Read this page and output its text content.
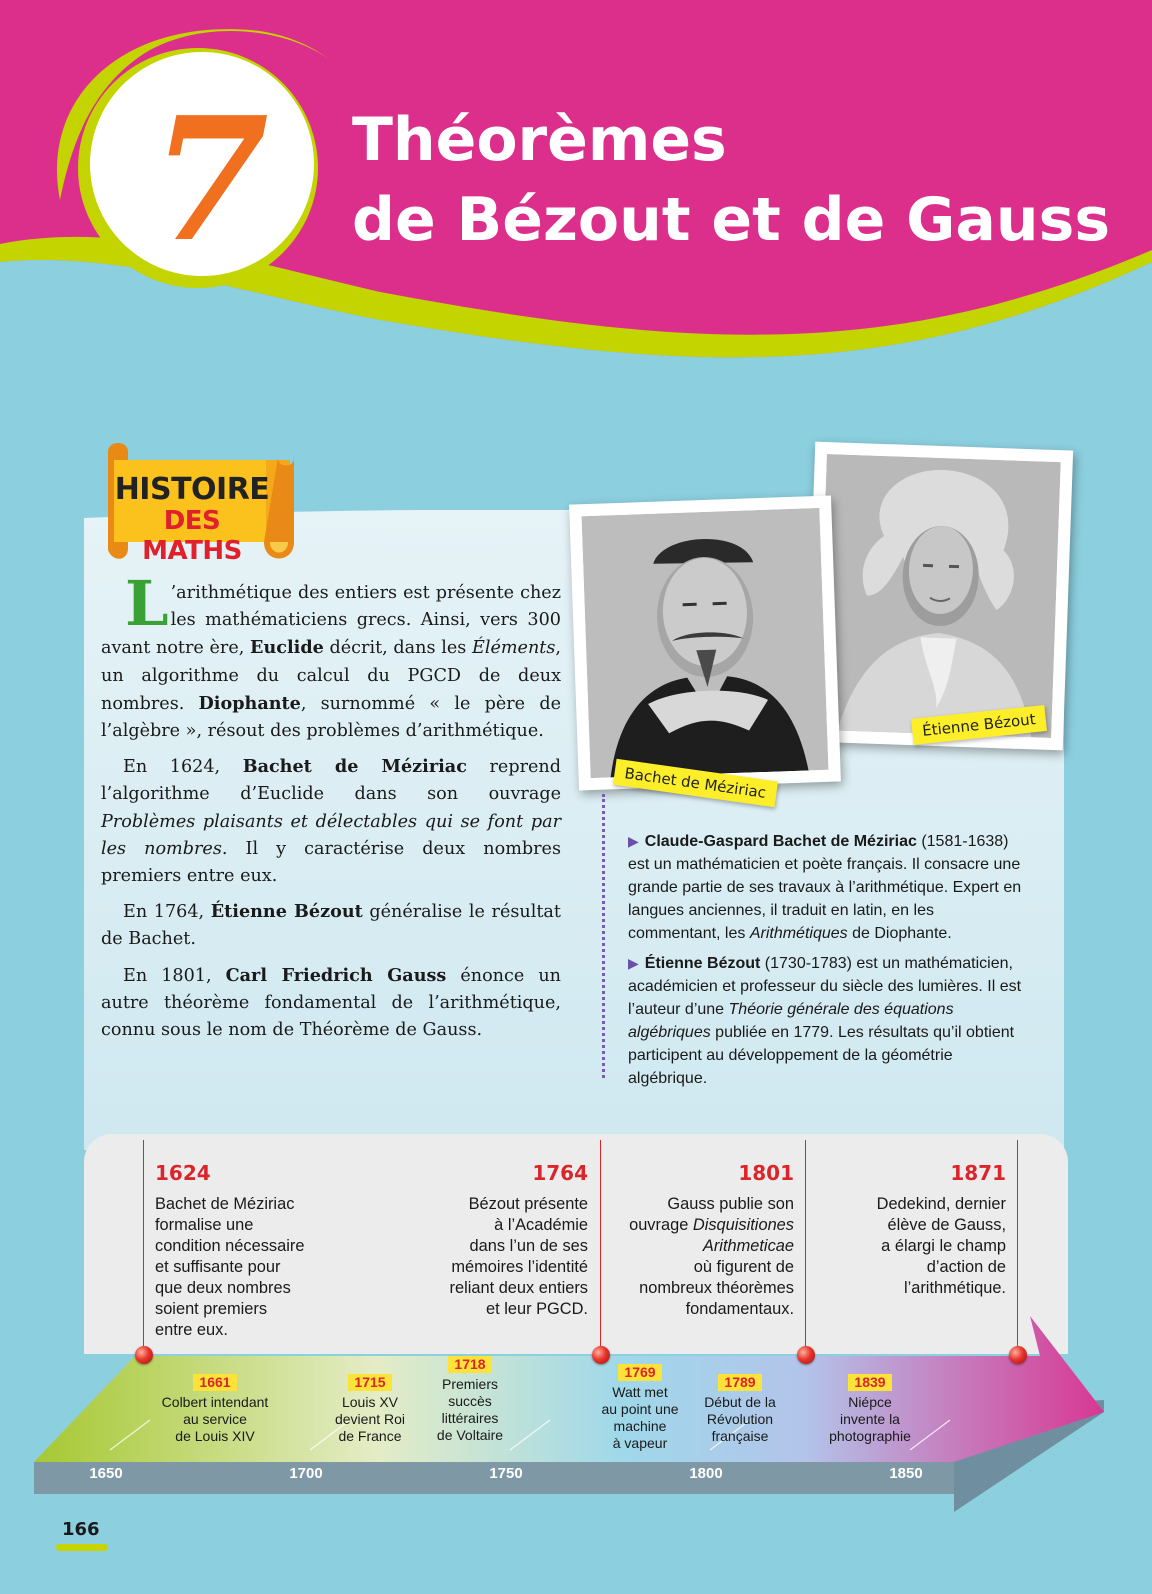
7 Théorèmes
de Bézout et de Gauss
HISTOIRE
DES MATHS

L ’arithmétique des entiers est présente chez les mathématiciens grecs. Ainsi, vers 300 avant notre ère, Euclide décrit, dans les Éléments, un algorithme du calcul du PGCD de deux nombres. Diophante, surnommé « le père de l’algèbre », résout des problèmes d’arithmétique.

En 1624, Bachet de Méziriac reprend l’algorithme d’Euclide dans son ouvrage Problèmes plaisants et délectables qui se font par les nombres. Il y caractérise deux nombres premiers entre eux.

En 1764, Étienne Bézout généralise le résultat de Bachet.

En 1801, Carl Friedrich Gauss énonce un autre théorème fondamental de l’arithmétique, connu sous le nom de Théorème de Gauss.

Étienne Bézout
Bachet de Méziriac
▶ Claude-Gaspard Bachet de Méziriac (1581-1638) est un mathématicien et poète français. Il consacre une grande partie de ses travaux à l’arithmétique. Expert en langues anciennes, il traduit en latin, en les commentant, les Arithmétiques de Diophante.
▶ Étienne Bézout (1730-1783) est un mathématicien, académicien et professeur du siècle des lumières. Il est l’auteur d’une Théorie générale des équations algébriques publiée en 1779. Les résultats qu’il obtient participent au développement de la géométrie algébrique.
1624
Bachet de Méziriac
formalise une
condition nécessaire
et suffisante pour
que deux nombres
soient premiers
entre eux.
1764
Bézout présente
à l’Académie
dans l’un de ses
mémoires l’identité
reliant deux entiers
et leur PGCD.
1801
Gauss publie son
ouvrage Disquisitiones
Arithmeticae
où figurent de
nombreux théorèmes
fondamentaux.
1871
Dedekind, dernier
élève de Gauss,
a élargi le champ
d’action de
l’arithmétique.
1661
Colbert intendant
au service
de Louis XIV
1715
Louis XV
devient Roi
de France
1718
Premiers
succès
littéraires
de Voltaire
1769
Watt met
au point une
machine
à vapeur
1789
Début de la
Révolution
française
1839
Niépce
invente la
photographie
1650	1700	1750	1800	1850
166
